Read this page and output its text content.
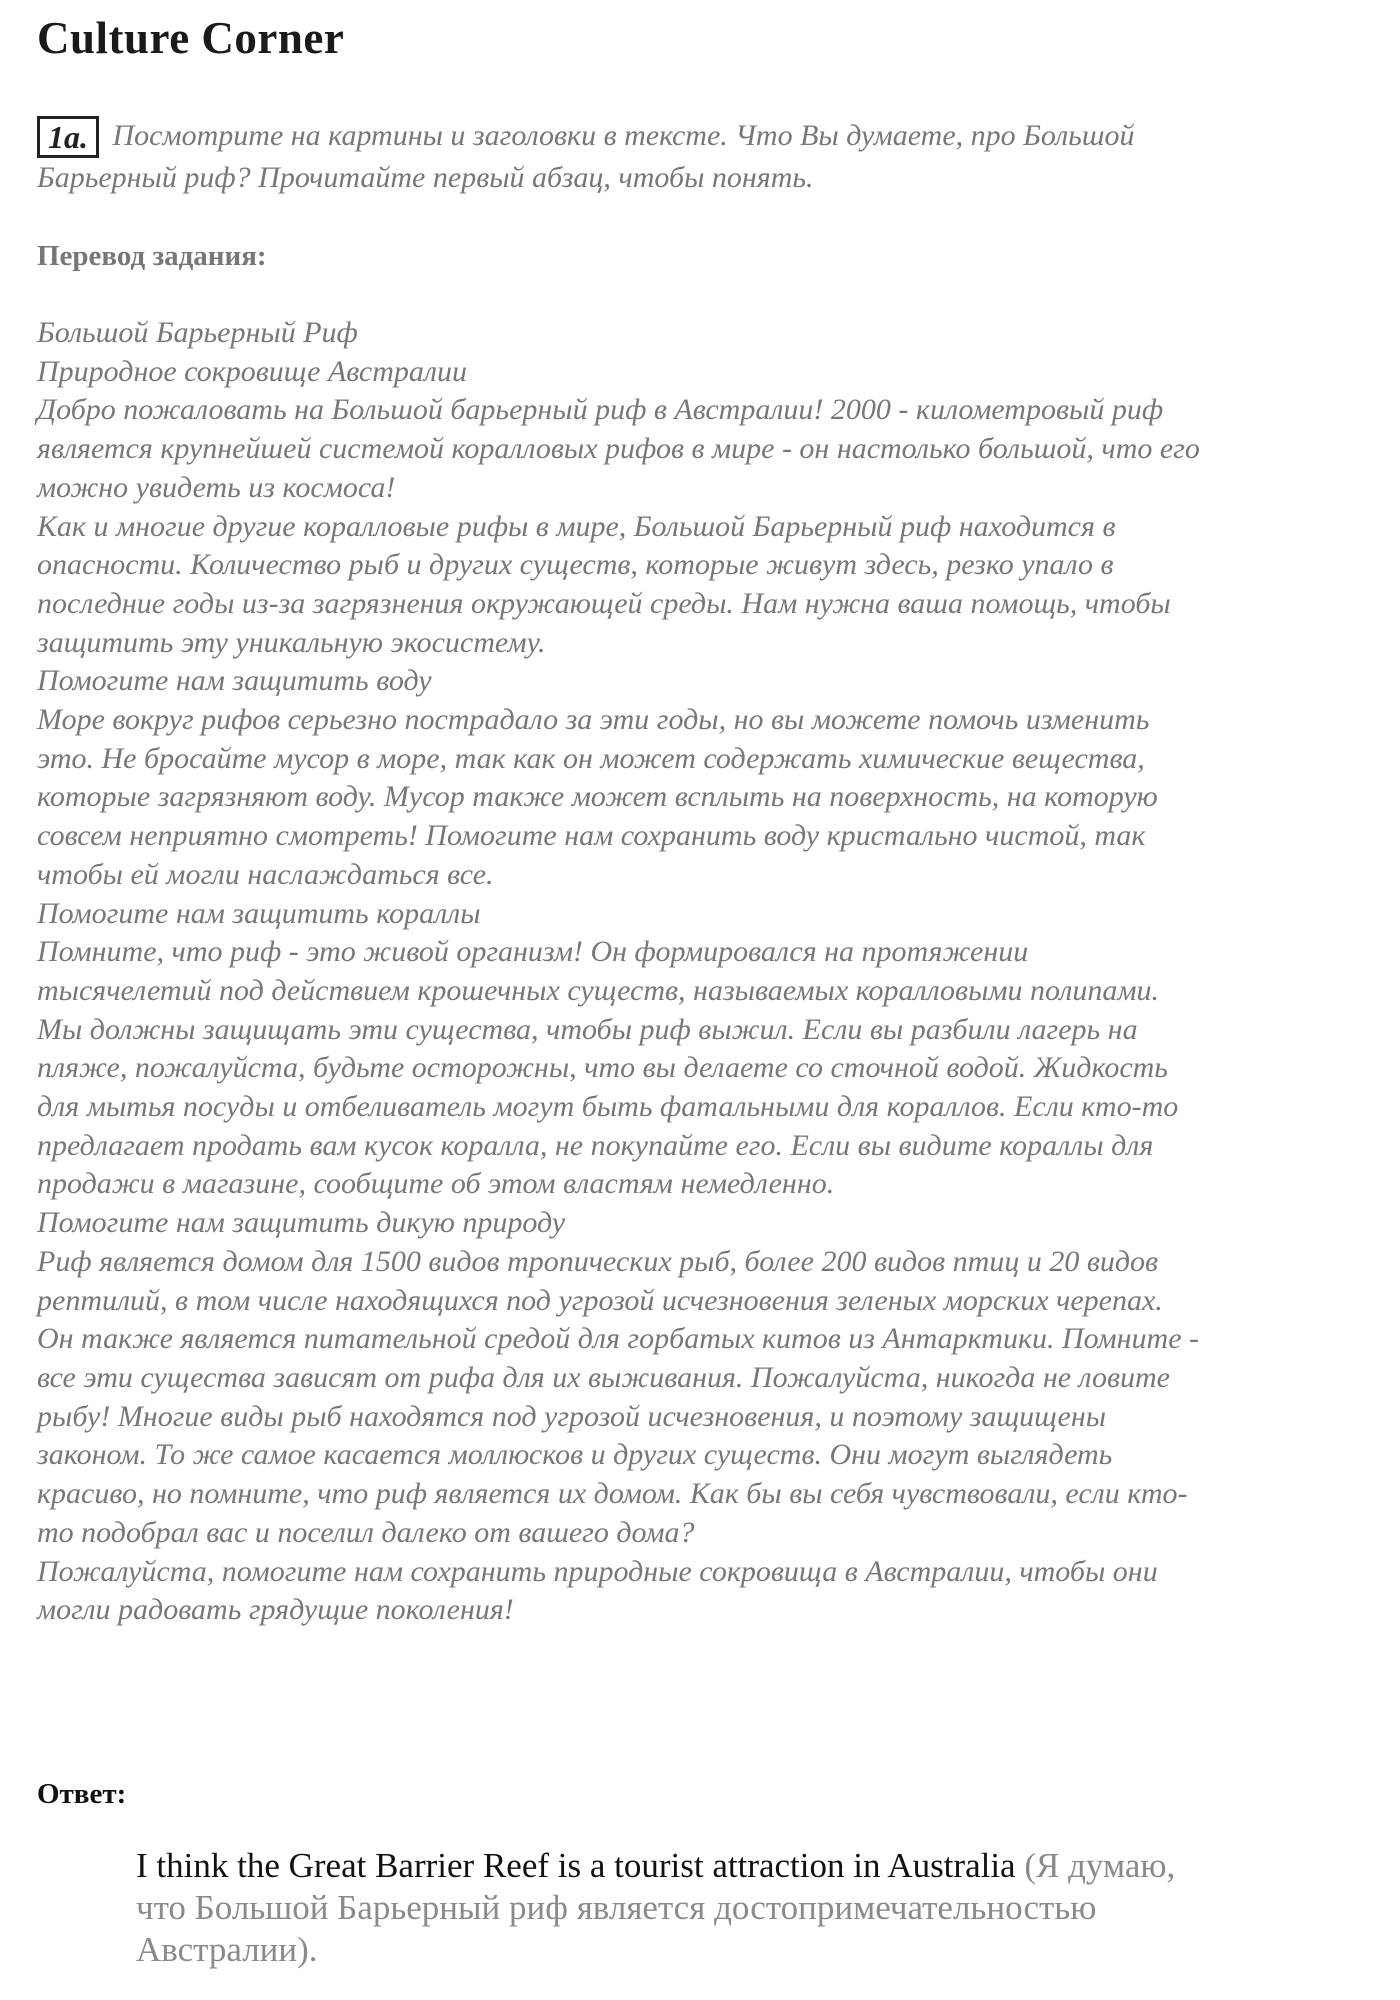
Culture Corner
1a. Посмотрите на картины и заголовки в тексте. Что Вы думаете, про Большой
Барьерный риф? Прочитайте первый абзац, чтобы понять.
Перевод задания:
Большой Барьерный Риф
Природное сокровище Австралии
Добро пожаловать на Большой барьерный риф в Австралии! 2000 - километровый риф
является крупнейшей системой коралловых рифов в мире - он настолько большой, что его
можно увидеть из космоса!
Как и многие другие коралловые рифы в мире, Большой Барьерный риф находится в
опасности. Количество рыб и других существ, которые живут здесь, резко упало в
последние годы из-за загрязнения окружающей среды. Нам нужна ваша помощь, чтобы
защитить эту уникальную экосистему.
Помогите нам защитить воду
Море вокруг рифов серьезно пострадало за эти годы, но вы можете помочь изменить
это. Не бросайте мусор в море, так как он может содержать химические вещества,
которые загрязняют воду. Мусор также может всплыть на поверхность, на которую
совсем неприятно смотреть! Помогите нам сохранить воду кристально чистой, так
чтобы ей могли наслаждаться все.
Помогите нам защитить кораллы
Помните, что риф - это живой организм! Он формировался на протяжении
тысячелетий под действием крошечных существ, называемых коралловыми полипами.
Мы должны защищать эти существа, чтобы риф выжил. Если вы разбили лагерь на
пляже, пожалуйста, будьте осторожны, что вы делаете со сточной водой. Жидкость
для мытья посуды и отбеливатель могут быть фатальными для кораллов. Если кто-то
предлагает продать вам кусок коралла, не покупайте его. Если вы видите кораллы для
продажи в магазине, сообщите об этом властям немедленно.
Помогите нам защитить дикую природу
Риф является домом для 1500 видов тропических рыб, более 200 видов птиц и 20 видов
рептилий, в том числе находящихся под угрозой исчезновения зеленых морских черепах.
Он также является питательной средой для горбатых китов из Антарктики. Помните -
все эти существа зависят от рифа для их выживания. Пожалуйста, никогда не ловите
рыбу! Многие виды рыб находятся под угрозой исчезновения, и поэтому защищены
законом. То же самое касается моллюсков и других существ. Они могут выглядеть
красиво, но помните, что риф является их домом. Как бы вы себя чувствовали, если кто-
то подобрал вас и поселил далеко от вашего дома?
Пожалуйста, помогите нам сохранить природные сокровища в Австралии, чтобы они
могли радовать грядущие поколения!
Ответ:
I think the Great Barrier Reef is a tourist attraction in Australia (Я думаю,
что Большой Барьерный риф является достопримечательностью
Австралии).
